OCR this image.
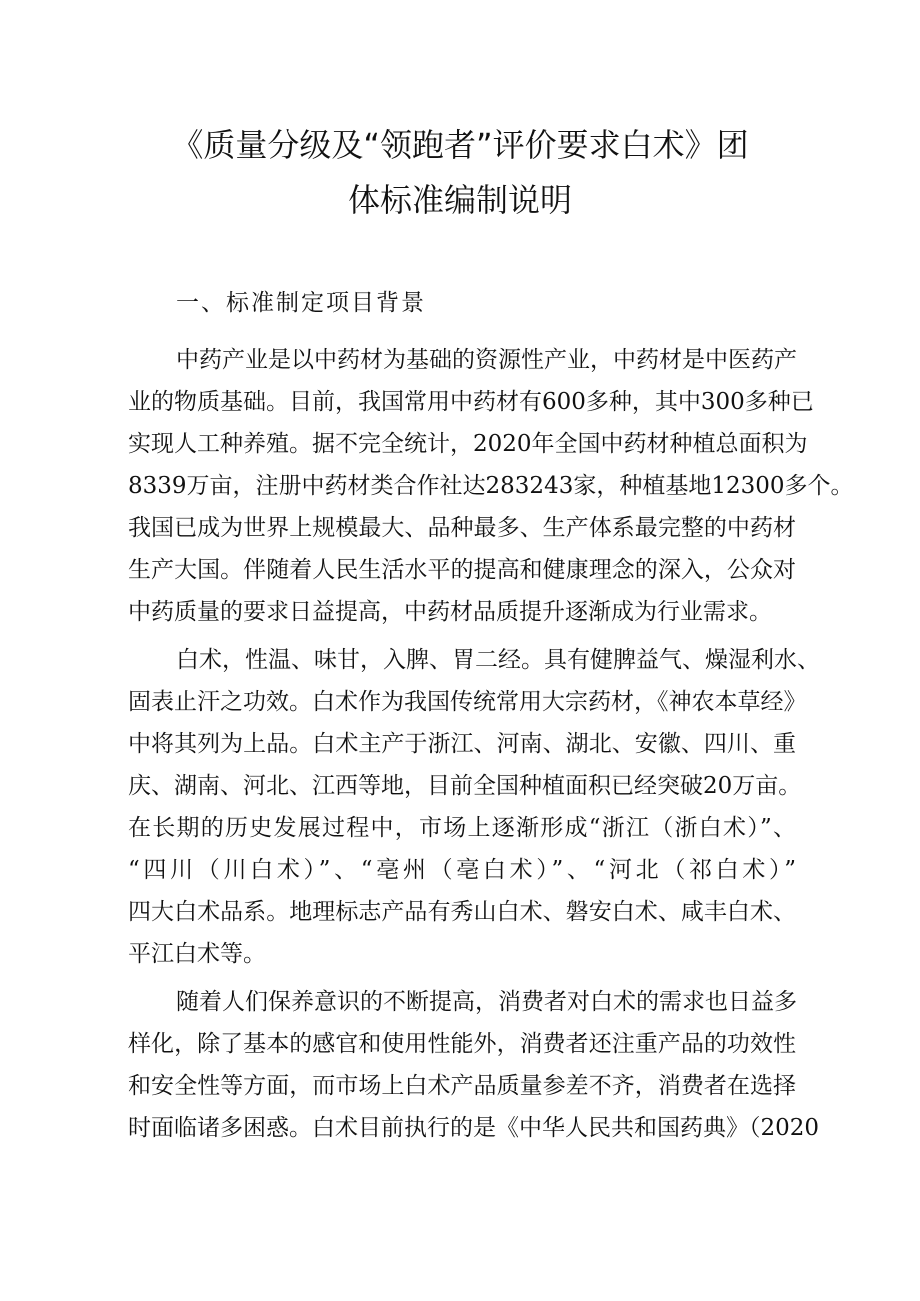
《质量分级及“领跑者”评价要求白术》团
体标准编制说明

一、标准制定项目背景

中药产业是以中药材为基础的资源性产业，中药材是中医药产

业的物质基础。目前，我国常用中药材有600多种，其中300多种已

实现人工种养殖。据不完全统计，2020年全国中药材种植总面积为

8339万亩，注册中药材类合作社达283243家，种植基地12300多个。

我国已成为世界上规模最大、品种最多、生产体系最完整的中药材

生产大国。伴随着人民生活水平的提高和健康理念的深入，公众对

中药质量的要求日益提高，中药材品质提升逐渐成为行业需求。

白术，性温、味甘，入脾、胃二经。具有健脾益气、燥湿利水、

固表止汗之功效。白术作为我国传统常用大宗药材，《神农本草经》

中将其列为上品。白术主产于浙江、河南、湖北、安徽、四川、重

庆、湖南、河北、江西等地，目前全国种植面积已经突破20万亩。

在长期的历史发展过程中，市场上逐渐形成“浙江（浙白术）”、

“四川（川白术）”、“亳州（亳白术）”、“河北（祁白术）”

四大白术品系。地理标志产品有秀山白术、磐安白术、咸丰白术、

平江白术等。

随着人们保养意识的不断提高，消费者对白术的需求也日益多

样化，除了基本的感官和使用性能外，消费者还注重产品的功效性

和安全性等方面，而市场上白术产品质量参差不齐，消费者在选择

时面临诸多困惑。白术目前执行的是《中华人民共和国药典》（2020
